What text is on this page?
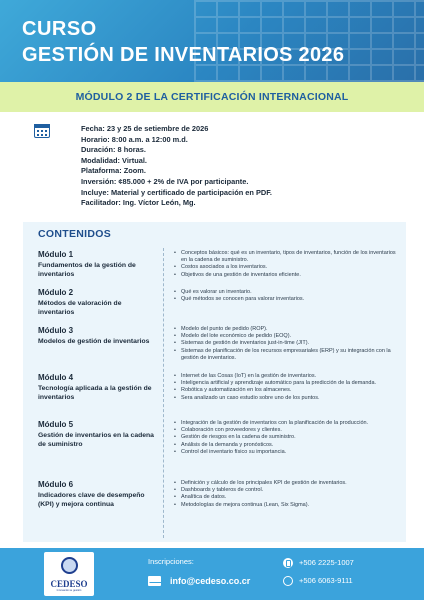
CURSO
GESTIÓN DE INVENTARIOS 2026
MÓDULO 2 DE LA CERTIFICACIÓN INTERNACIONAL
Fecha: 23 y 25 de setiembre de 2026
Horario: 8:00 a.m. a 12:00 m.d.
Duración: 8 horas.
Modalidad: Virtual.
Plataforma: Zoom.
Inversión: ¢85.000 + 2% de IVA por participante.
Incluye: Material y certificado de participación en PDF.
Facilitador: Ing. Víctor León, Mg.
CONTENIDOS
Módulo 1
Fundamentos de la gestión de inventarios
• Conceptos básicos: qué es un inventario, tipos de inventarios, función de los inventarios en la cadena de suministro.
• Costos asociados a los inventarios.
• Objetivos de una gestión de inventarios eficiente.
Módulo 2
Métodos de valoración de inventarios
• Qué es valorar un inventario.
• Qué métodos se conocen para valorar inventarios.
Módulo 3
Modelos de gestión de inventarios
• Modelo del punto de pedido (ROP).
• Modelo del lote económico de pedido (EOQ).
• Sistemas de gestión de inventarios just-in-time (JIT).
• Sistemas de planificación de los recursos empresariales (ERP) y su integración con la gestión de inventarios.
Módulo 4
Tecnología aplicada a la gestión de inventarios
• Internet de las Cosas (IoT) en la gestión de inventarios.
• Inteligencia artificial y aprendizaje automático para la predicción de la demanda.
• Robótica y automatización en los almacenes.
• Sera analizado un caso estudio sobre uno de los puntos.
Módulo 5
Gestión de inventarios en la cadena de suministro
• Integración de la gestión de inventarios con la planificación de la producción.
• Colaboración con proveedores y clientes.
• Gestión de riesgos en la cadena de suministro.
• Análisis de la demanda y pronósticos.
• Control del inventario físico su importancia.
Módulo 6
Indicadores clave de desempeño (KPI) y mejora continua
• Definición y cálculo de los principales KPI de gestión de inventarios.
• Dashboards y tableros de control.
• Analítica de datos.
• Metodologías de mejora continua (Lean, Six Sigma).
CEDESO
Innovando su gestión
Inscripciones:
info@cedeso.co.cr
+506 2225-1007
+506 6063-9111
